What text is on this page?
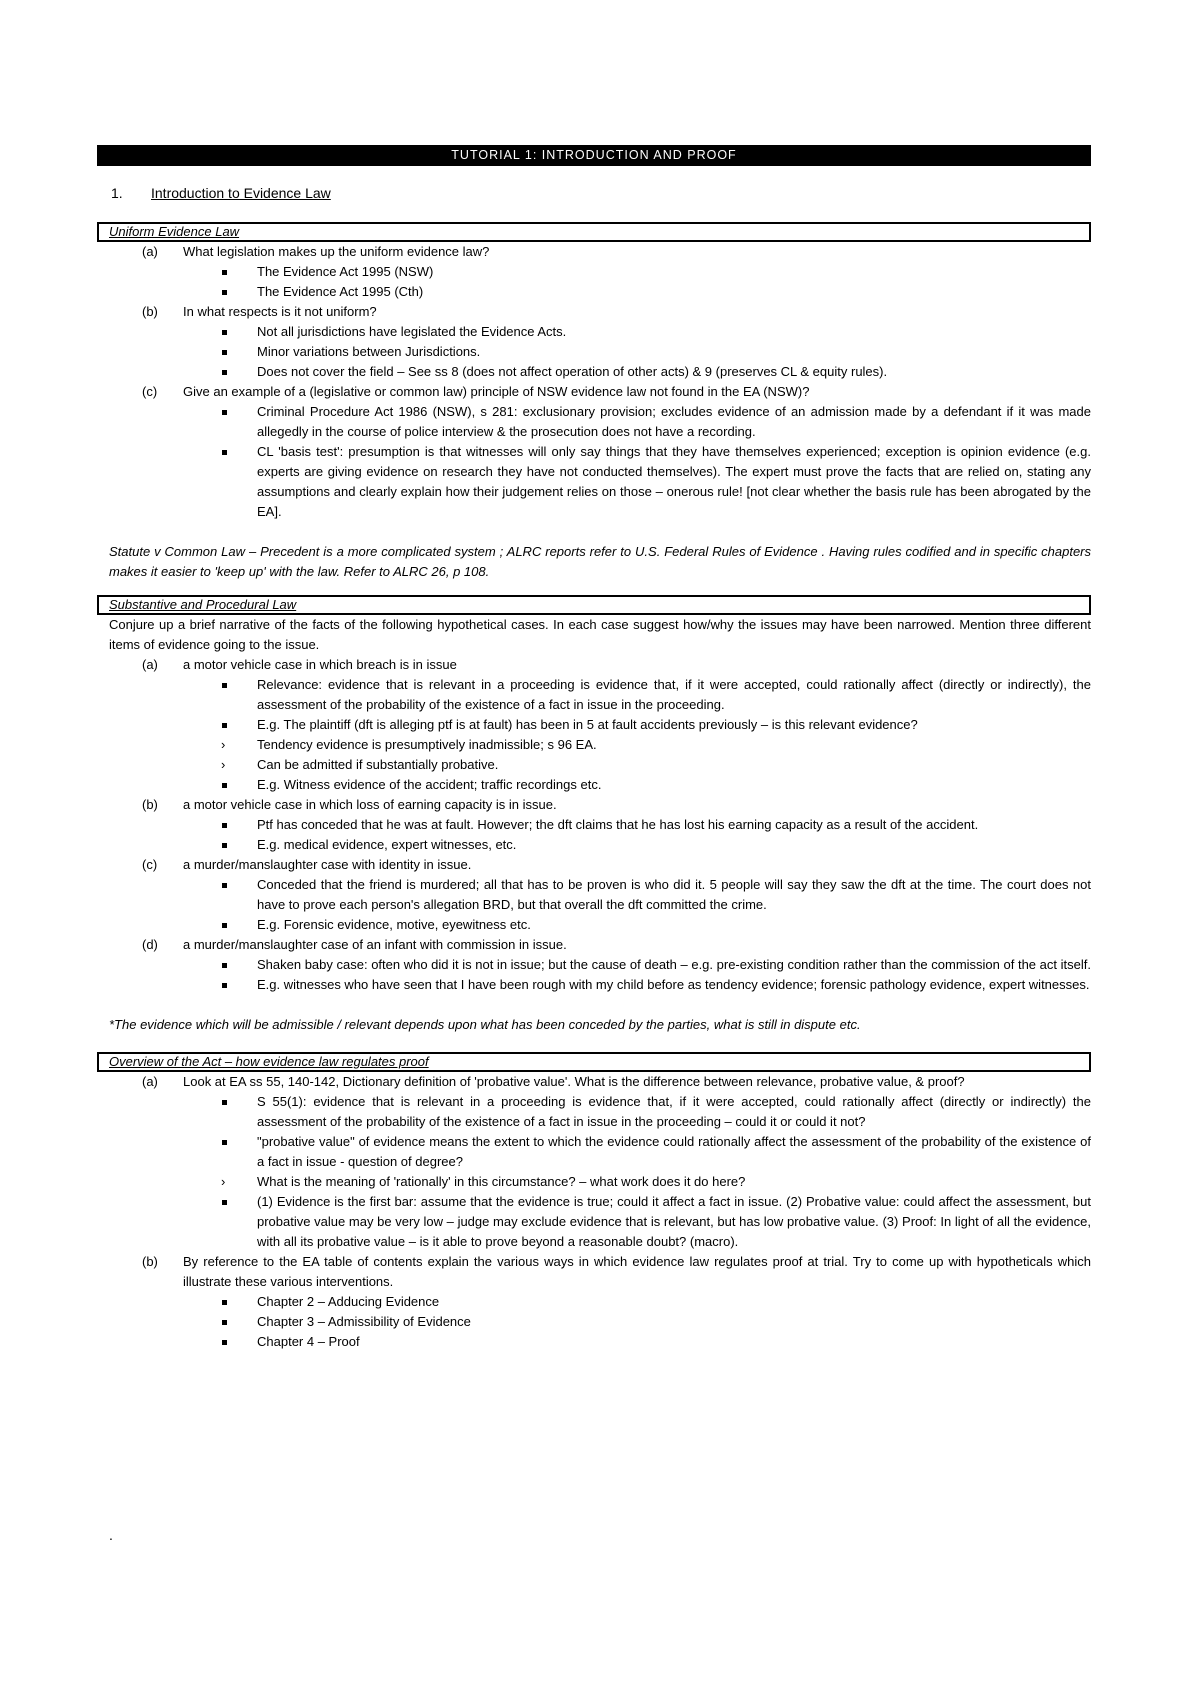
TUTORIAL 1: INTRODUCTION AND PROOF
1. Introduction to Evidence Law
Uniform Evidence Law
(a) What legislation makes up the uniform evidence law?
The Evidence Act 1995 (NSW)
The Evidence Act 1995 (Cth)
(b) In what respects is it not uniform?
Not all jurisdictions have legislated the Evidence Acts.
Minor variations between Jurisdictions.
Does not cover the field – See ss 8 (does not affect operation of other acts) & 9 (preserves CL & equity rules).
(c) Give an example of a (legislative or common law) principle of NSW evidence law not found in the EA (NSW)?
Criminal Procedure Act 1986 (NSW), s 281: exclusionary provision; excludes evidence of an admission made by a defendant if it was made allegedly in the course of police interview & the prosecution does not have a recording.
CL 'basis test': presumption is that witnesses will only say things that they have themselves experienced; exception is opinion evidence (e.g. experts are giving evidence on research they have not conducted themselves). The expert must prove the facts that are relied on, stating any assumptions and clearly explain how their judgement relies on those – onerous rule! [not clear whether the basis rule has been abrogated by the EA].
Statute v Common Law – Precedent is a more complicated system ; ALRC reports refer to U.S. Federal Rules of Evidence . Having rules codified and in specific chapters makes it easier to 'keep up' with the law. Refer to ALRC 26, p 108.
Substantive and Procedural Law
Conjure up a brief narrative of the facts of the following hypothetical cases. In each case suggest how/why the issues may have been narrowed. Mention three different items of evidence going to the issue.
(a) a motor vehicle case in which breach is in issue
Relevance: evidence that is relevant in a proceeding is evidence that, if it were accepted, could rationally affect (directly or indirectly), the assessment of the probability of the existence of a fact in issue in the proceeding.
E.g. The plaintiff (dft is alleging ptf is at fault) has been in 5 at fault accidents previously – is this relevant evidence?
› Tendency evidence is presumptively inadmissible; s 96 EA.
› Can be admitted if substantially probative.
E.g. Witness evidence of the accident; traffic recordings etc.
(b) a motor vehicle case in which loss of earning capacity is in issue.
Ptf has conceded that he was at fault. However; the dft claims that he has lost his earning capacity as a result of the accident.
E.g. medical evidence, expert witnesses, etc.
(c) a murder/manslaughter case with identity in issue.
Conceded that the friend is murdered; all that has to be proven is who did it. 5 people will say they saw the dft at the time. The court does not have to prove each person's allegation BRD, but that overall the dft committed the crime.
E.g. Forensic evidence, motive, eyewitness etc.
(d) a murder/manslaughter case of an infant with commission in issue.
Shaken baby case: often who did it is not in issue; but the cause of death – e.g. pre-existing condition rather than the commission of the act itself.
E.g. witnesses who have seen that I have been rough with my child before as tendency evidence; forensic pathology evidence, expert witnesses.
*The evidence which will be admissible / relevant depends upon what has been conceded by the parties, what is still in dispute etc.
Overview of the Act – how evidence law regulates proof
(a) Look at EA ss 55, 140-142, Dictionary definition of 'probative value'. What is the difference between relevance, probative value, & proof?
S 55(1): evidence that is relevant in a proceeding is evidence that, if it were accepted, could rationally affect (directly or indirectly) the assessment of the probability of the existence of a fact in issue in the proceeding – could it or could it not?
"probative value" of evidence means the extent to which the evidence could rationally affect the assessment of the probability of the existence of a fact in issue - question of degree?
› What is the meaning of 'rationally' in this circumstance? – what work does it do here?
(1) Evidence is the first bar: assume that the evidence is true; could it affect a fact in issue. (2) Probative value: could affect the assessment, but probative value may be very low – judge may exclude evidence that is relevant, but has low probative value. (3) Proof: In light of all the evidence, with all its probative value – is it able to prove beyond a reasonable doubt? (macro).
(b) By reference to the EA table of contents explain the various ways in which evidence law regulates proof at trial. Try to come up with hypotheticals which illustrate these various interventions.
Chapter 2 – Adducing Evidence
Chapter 3 – Admissibility of Evidence
Chapter 4 – Proof
.
